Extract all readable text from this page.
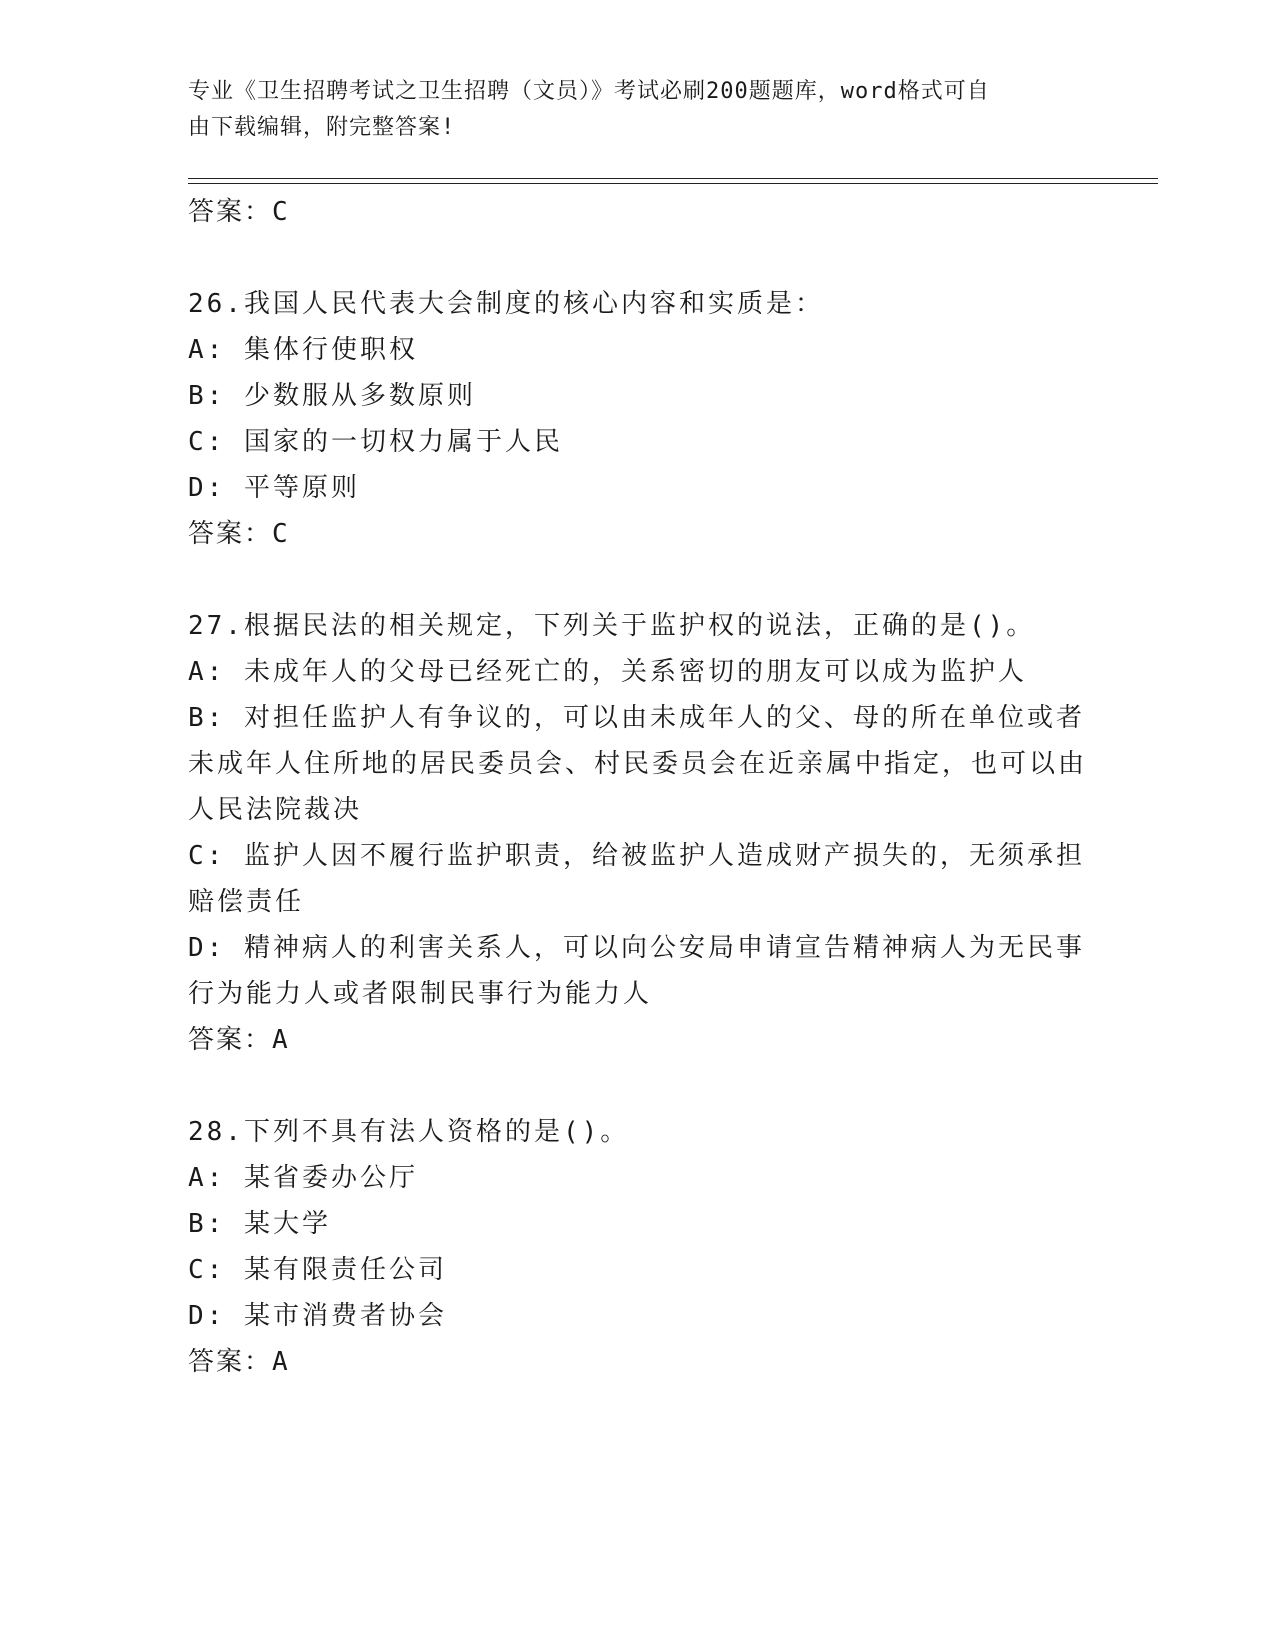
专业《卫生招聘考试之卫生招聘（文员）》考试必刷200题题库，word格式可自
由下载编辑，附完整答案!
答案：C
26.我国人民代表大会制度的核心内容和实质是：
A: 集体行使职权
B: 少数服从多数原则
C: 国家的一切权力属于人民
D: 平等原则
答案：C
27.根据民法的相关规定，下列关于监护权的说法，正确的是()。
A: 未成年人的父母已经死亡的，关系密切的朋友可以成为监护人
B: 对担任监护人有争议的，可以由未成年人的父、母的所在单位或者未成年人住所地的居民委员会、村民委员会在近亲属中指定，也可以由人民法院裁决
C: 监护人因不履行监护职责，给被监护人造成财产损失的，无须承担赔偿责任
D: 精神病人的利害关系人，可以向公安局申请宣告精神病人为无民事行为能力人或者限制民事行为能力人
答案：A
28.下列不具有法人资格的是()。
A: 某省委办公厅
B: 某大学
C: 某有限责任公司
D: 某市消费者协会
答案：A
